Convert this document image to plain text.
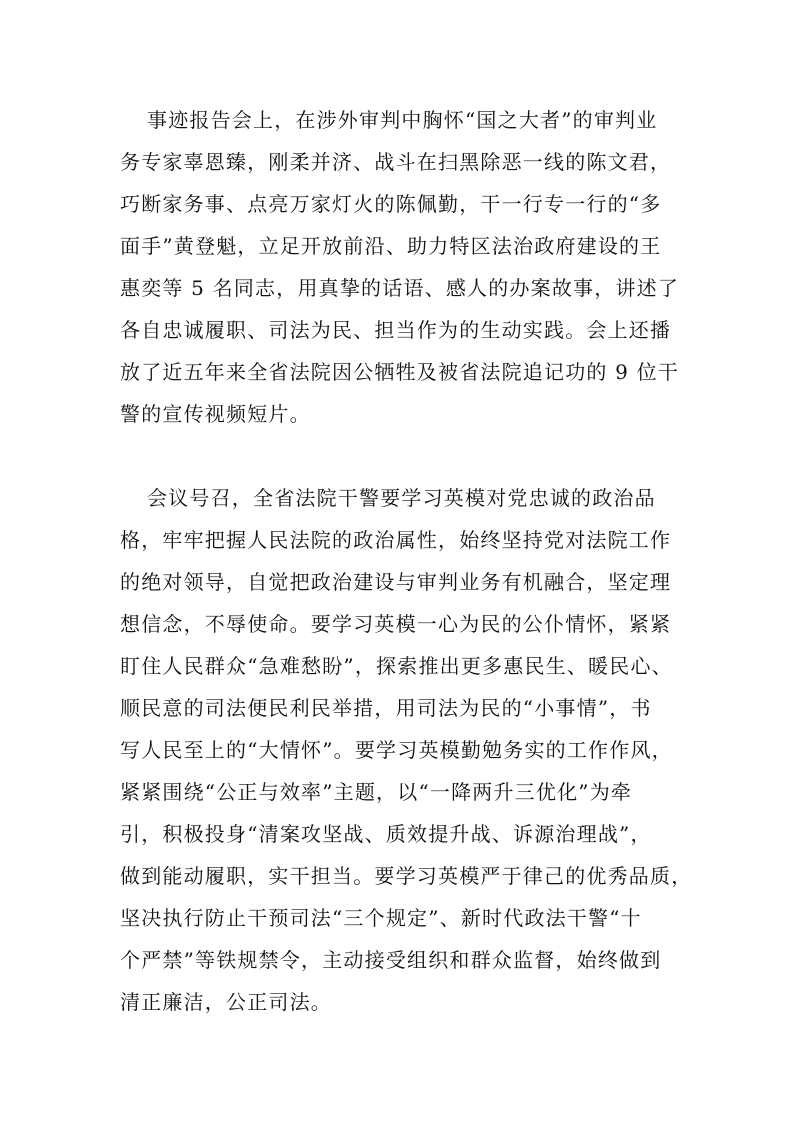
事迹报告会上，在涉外审判中胸怀“国之大者”的审判业
务专家辜恩臻，刚柔并济、战斗在扫黑除恶一线的陈文君，
巧断家务事、点亮万家灯火的陈佩勤，干一行专一行的“多
面手”黄登魁，立足开放前沿、助力特区法治政府建设的王
惠奕等 5 名同志，用真挚的话语、感人的办案故事，讲述了
各自忠诚履职、司法为民、担当作为的生动实践。会上还播
放了近五年来全省法院因公牺牲及被省法院追记功的 9 位干
警的宣传视频短片。
会议号召，全省法院干警要学习英模对党忠诚的政治品
格，牢牢把握人民法院的政治属性，始终坚持党对法院工作
的绝对领导，自觉把政治建设与审判业务有机融合，坚定理
想信念，不辱使命。要学习英模一心为民的公仆情怀，紧紧
盯住人民群众“急难愁盼”，探索推出更多惠民生、暖民心、
顺民意的司法便民利民举措，用司法为民的“小事情”，书
写人民至上的“大情怀”。要学习英模勤勉务实的工作作风，
紧紧围绕“公正与效率”主题，以“一降两升三优化”为牵
引，积极投身“清案攻坚战、质效提升战、诉源治理战”，
做到能动履职，实干担当。要学习英模严于律己的优秀品质，
坚决执行防止干预司法“三个规定”、新时代政法干警“十
个严禁”等铁规禁令，主动接受组织和群众监督，始终做到
清正廉洁，公正司法。
